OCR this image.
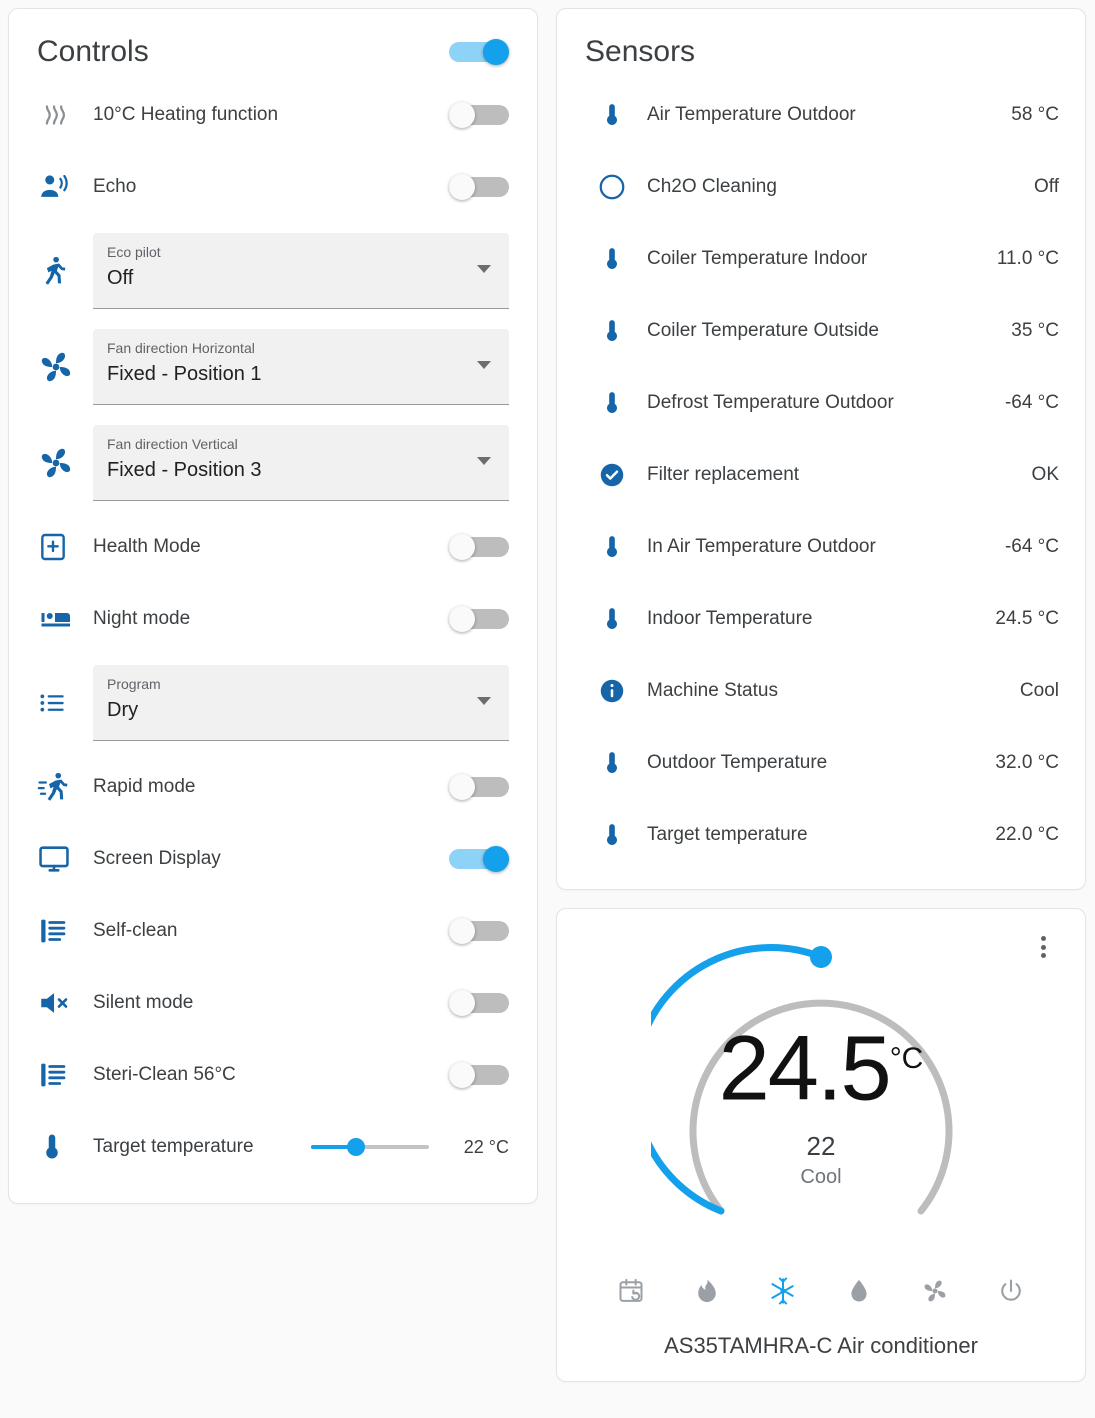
Controls
10°C Heating function
Echo
Eco pilot
Off
Fan direction Horizontal
Fixed - Position 1
Fan direction Vertical
Fixed - Position 3
Health Mode
Night mode
Program
Dry
Rapid mode
Screen Display
Self-clean
Silent mode
Steri-Clean 56°C
Target temperature	22 °C
Sensors
Air Temperature Outdoor	58 °C
Ch2O Cleaning	Off
Coiler Temperature Indoor	11.0 °C
Coiler Temperature Outside	35 °C
Defrost Temperature Outdoor	-64 °C
Filter replacement	OK
In Air Temperature Outdoor	-64 °C
Indoor Temperature	24.5 °C
Machine Status	Cool
Outdoor Temperature	32.0 °C
Target temperature	22.0 °C
$24.5^{^\circ C}$
22
Cool
AS35TAMHRA-C Air conditioner
